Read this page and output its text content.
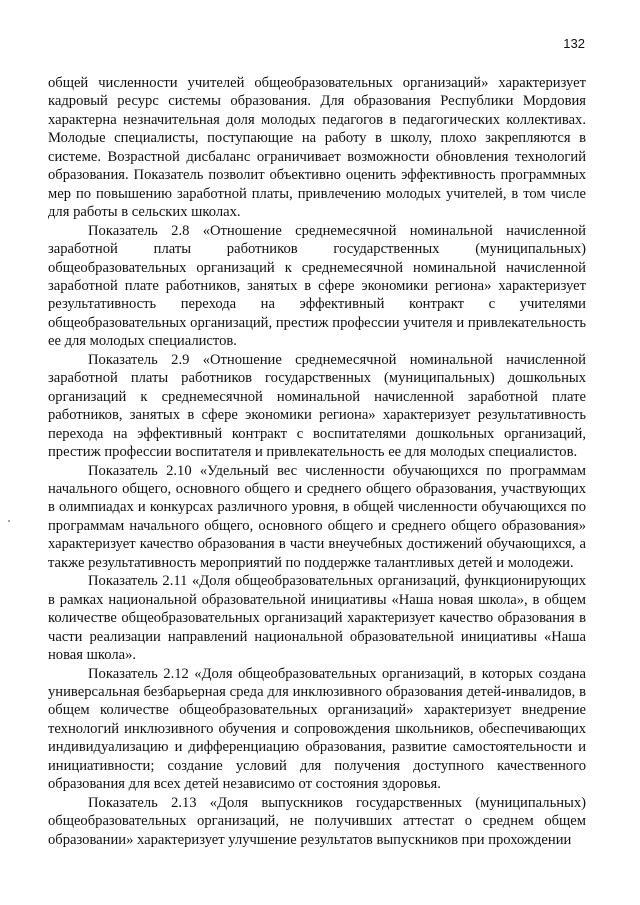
132

общей численности учителей общеобразовательных организаций» характеризует кадровый ресурс системы образования. Для образования Республики Мордовия характерна незначительная доля молодых педагогов в педагогических коллективах. Молодые специалисты, поступающие на работу в школу, плохо закрепляются в системе. Возрастной дисбаланс ограничивает возможности обновления технологий образования. Показатель позволит объективно оценить эффективность программных мер по повышению заработной платы, привлечению молодых учителей, в том числе для работы в сельских школах.

Показатель 2.8 «Отношение среднемесячной номинальной начисленной заработной платы работников государственных (муниципальных) общеобразовательных организаций к среднемесячной номинальной начисленной заработной плате работников, занятых в сфере экономики региона» характеризует результативность перехода на эффективный контракт с учителями общеобразовательных организаций, престиж профессии учителя и привлекательность ее для молодых специалистов.

Показатель 2.9 «Отношение среднемесячной номинальной начисленной заработной платы работников государственных (муниципальных) дошкольных организаций к среднемесячной номинальной начисленной заработной плате работников, занятых в сфере экономики региона» характеризует результативность перехода на эффективный контракт с воспитателями дошкольных организаций, престиж профессии воспитателя и привлекательность ее для молодых специалистов.

Показатель 2.10 «Удельный вес численности обучающихся по программам начального общего, основного общего и среднего общего образования, участвующих в олимпиадах и конкурсах различного уровня, в общей численности обучающихся по программам начального общего, основного общего и среднего общего образования» характеризует качество образования в части внеучебных достижений обучающихся, а также результативность мероприятий по поддержке талантливых детей и молодежи.

Показатель 2.11 «Доля общеобразовательных организаций, функционирующих в рамках национальной образовательной инициативы «Наша новая школа», в общем количестве общеобразовательных организаций характеризует качество образования в части реализации направлений национальной образовательной инициативы «Наша новая школа».

Показатель 2.12 «Доля общеобразовательных организаций, в которых создана универсальная безбарьерная среда для инклюзивного образования детей-инвалидов, в общем количестве общеобразовательных организаций» характеризует внедрение технологий инклюзивного обучения и сопровождения школьников, обеспечивающих индивидуализацию и дифференциацию образования, развитие самостоятельности и инициативности; создание условий для получения доступного качественного образования для всех детей независимо от состояния здоровья.

Показатель 2.13 «Доля выпускников государственных (муниципальных) общеобразовательных организаций, не получивших аттестат о среднем общем образовании» характеризует улучшение результатов выпускников при прохождении
